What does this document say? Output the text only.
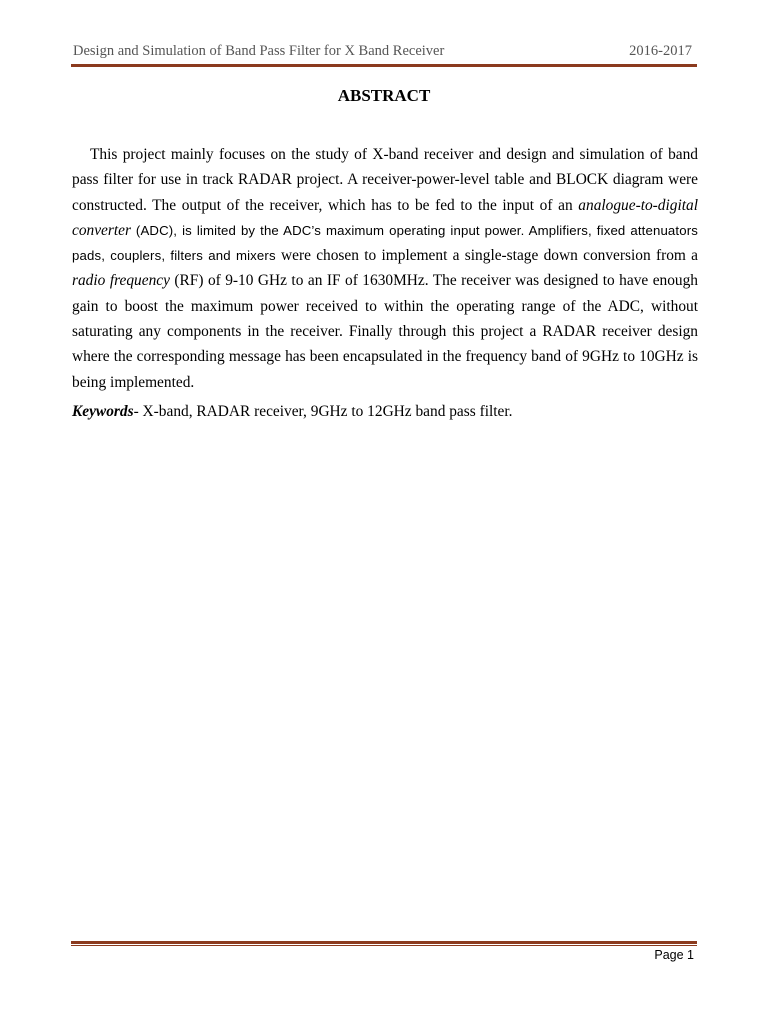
Design and Simulation of Band Pass Filter for X Band Receiver	2016-2017
ABSTRACT

This project mainly focuses on the study of X-band receiver and design and simulation of band pass filter for use in track RADAR project. A receiver-power-level table and BLOCK diagram were constructed. The output of the receiver, which has to be fed to the input of an analogue-to-digital converter (ADC), is limited by the ADC’s maximum operating input power. Amplifiers, fixed attenuators pads, couplers, filters and mixers were chosen to implement a single-stage down conversion from a radio frequency (RF) of 9-10 GHz to an IF of 1630MHz. The receiver was designed to have enough gain to boost the maximum power received to within the operating range of the ADC, without saturating any components in the receiver. Finally through this project a RADAR receiver design where the corresponding message has been encapsulated in the frequency band of 9GHz to 10GHz is being implemented.

Keywords- X-band, RADAR receiver, 9GHz to 12GHz band pass filter.

Page 1
